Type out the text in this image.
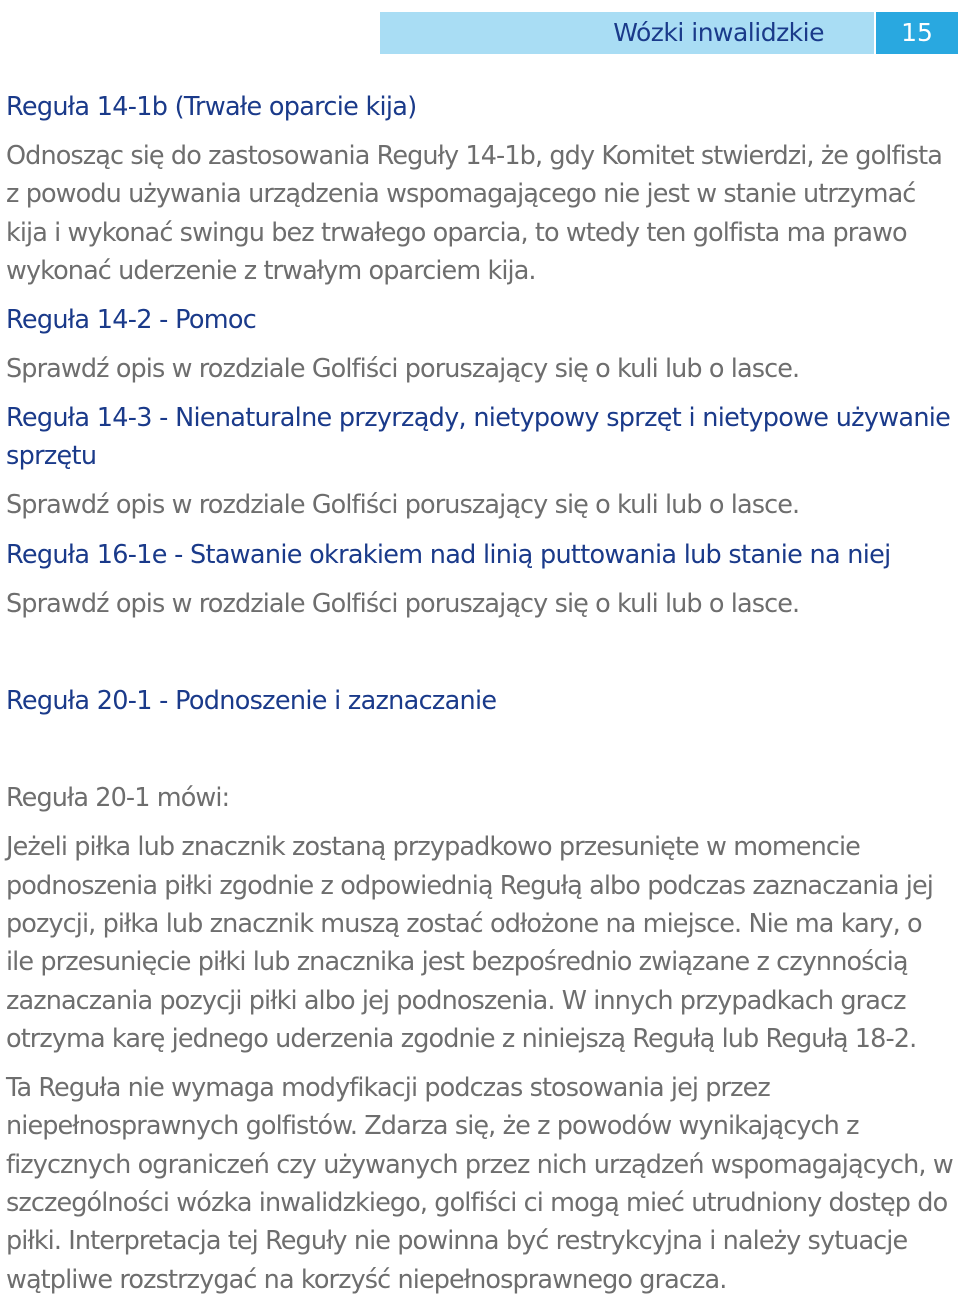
Wózki inwalidzkie	15
Reguła 14-1b (Trwałe oparcie kija)

Odnosząc się do zastosowania Reguły 14-1b, gdy Komitet stwierdzi, że golfista z powodu używania urządzenia wspomagającego nie jest w stanie utrzymać kija i wykonać swingu bez trwałego oparcia, to wtedy ten golfista ma prawo wykonać uderzenie z trwałym oparciem kija.

Reguła 14-2 - Pomoc

Sprawdź opis w rozdziale Golfiści poruszający się o kuli lub o lasce.

Reguła 14-3 - Nienaturalne przyrządy, nietypowy sprzęt i nietypowe używanie sprzętu

Sprawdź opis w rozdziale Golfiści poruszający się o kuli lub o lasce.

Reguła 16-1e - Stawanie okrakiem nad linią puttowania lub stanie na niej

Sprawdź opis w rozdziale Golfiści poruszający się o kuli lub o lasce.

Reguła 20-1 - Podnoszenie i zaznaczanie

Reguła 20-1 mówi:

Jeżeli piłka lub znacznik zostaną przypadkowo przesunięte w momencie podnoszenia piłki zgodnie z odpowiednią Regułą albo podczas zaznaczania jej pozycji, piłka lub znacznik muszą zostać odłożone na miejsce. Nie ma kary, o ile przesunięcie piłki lub znacznika jest bezpośrednio związane z czynnością zaznaczania pozycji piłki albo jej podnoszenia. W innych przypadkach gracz otrzyma karę jednego uderzenia zgodnie z niniejszą Regułą lub Regułą 18-2.

Ta Reguła nie wymaga modyfikacji podczas stosowania jej przez niepełnosprawnych golfistów. Zdarza się, że z powodów wynikających z fizycznych ograniczeń czy używanych przez nich urządzeń wspomagających, w szczególności wózka inwalidzkiego, golfiści ci mogą mieć utrudniony dostęp do piłki. Interpretacja tej Reguły nie powinna być restrykcyjna i należy sytuacje wątpliwe rozstrzygać na korzyść niepełnosprawnego gracza.
